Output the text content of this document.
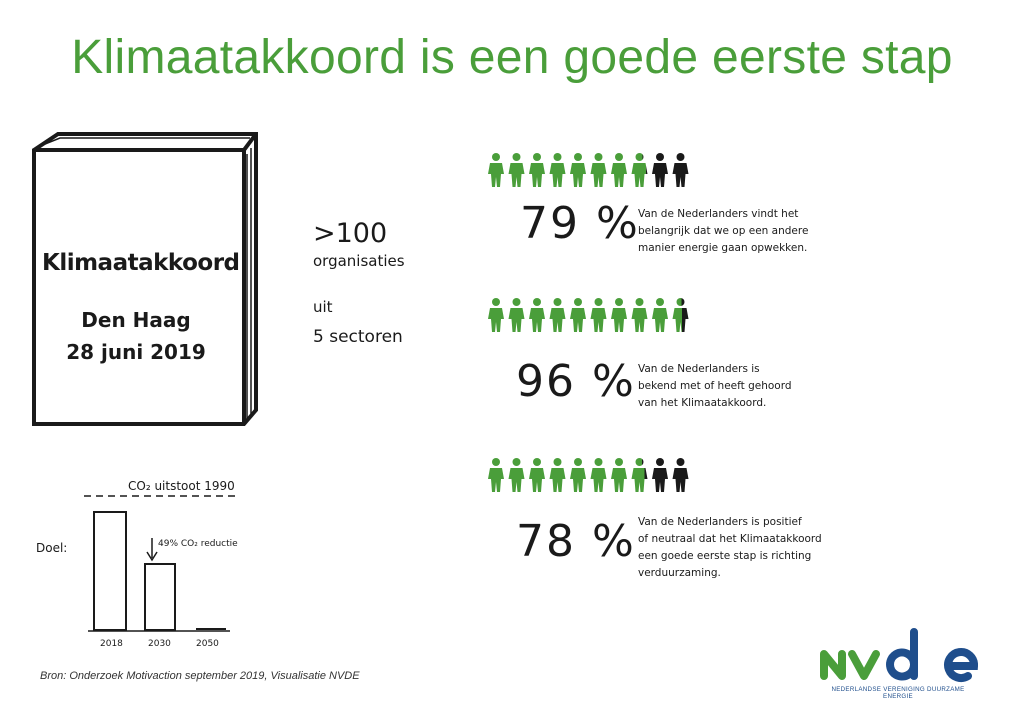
Klimaatakkoord is een goede eerste stap
Klimaatakkoord
Den Haag
28 juni 2019
>100
organisaties
uit
5 sectoren
79 %
Van de Nederlanders vindt het
belangrijk dat we op een andere
manier energie gaan opwekken.
96 % Van de Nederlanders is
bekend met of heeft gehoord
van het Klimaatakkoord.
78 % Van de Nederlanders is positief
of neutraal dat het Klimaatakkoord
een goede eerste stap is richting
verduurzaming.
CO₂ uitstoot 1990
Doel:	49% CO₂ reductie
2018	2030	2050
Bron: Onderzoek Motivaction september 2019, Visualisatie NVDE
NEDERLANDSE VERENIGING DUURZAME ENERGIE
